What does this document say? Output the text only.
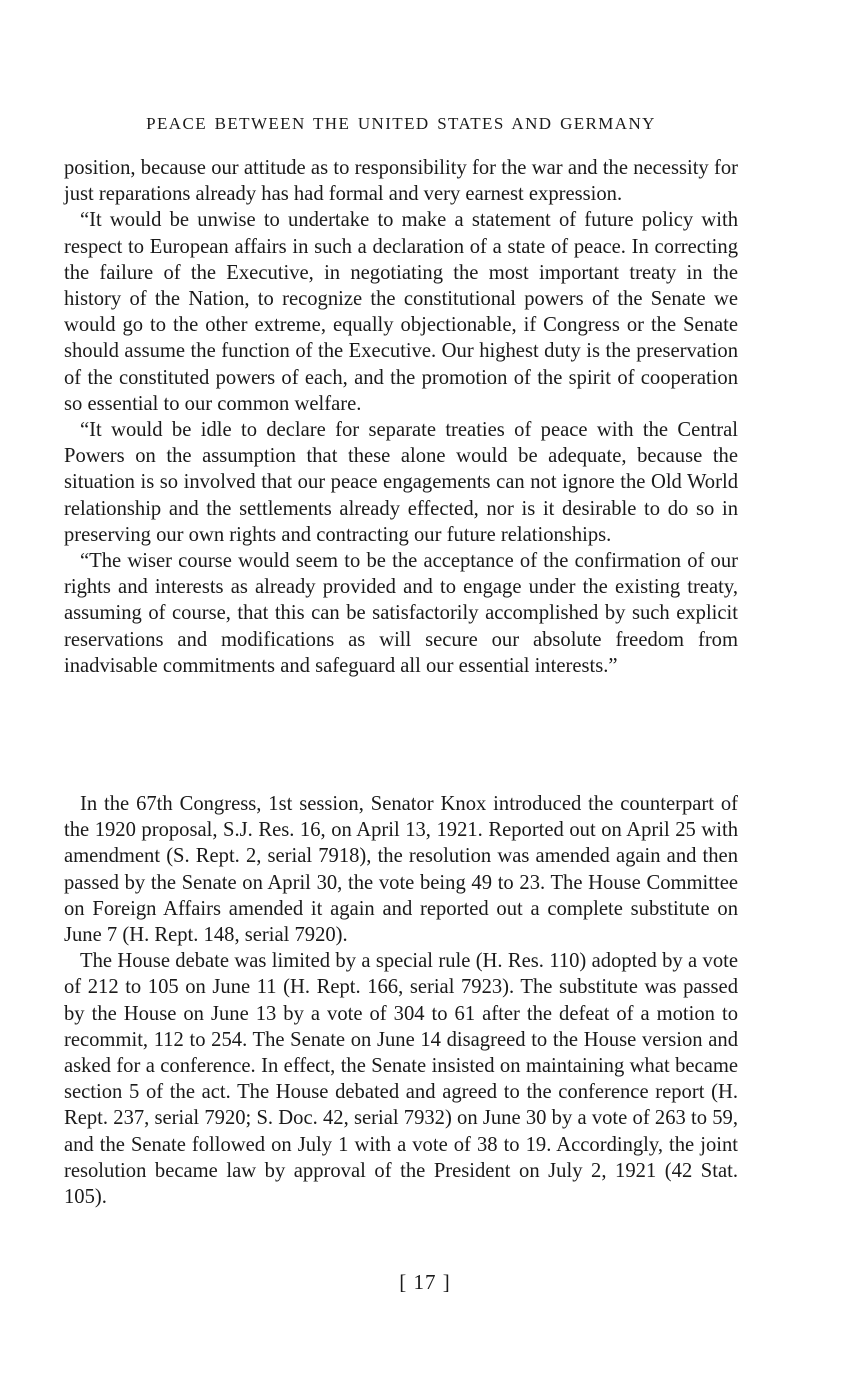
PEACE BETWEEN THE UNITED STATES AND GERMANY

position, because our attitude as to responsibility for the war and the necessity for just reparations already has had formal and very earnest expression.

“It would be unwise to undertake to make a statement of future policy with respect to European affairs in such a declaration of a state of peace. In correcting the failure of the Executive, in negotiating the most important treaty in the history of the Nation, to recognize the constitutional powers of the Senate we would go to the other extreme, equally objectionable, if Congress or the Senate should assume the function of the Executive. Our highest duty is the preservation of the constituted powers of each, and the promotion of the spirit of cooperation so essential to our common welfare.

“It would be idle to declare for separate treaties of peace with the Central Powers on the assumption that these alone would be adequate, because the situation is so involved that our peace engagements can not ignore the Old World relationship and the settlements already effected, nor is it desirable to do so in preserving our own rights and contracting our future relationships.

“The wiser course would seem to be the acceptance of the confirmation of our rights and interests as already provided and to engage under the existing treaty, assuming of course, that this can be satisfactorily accomplished by such explicit reservations and modifications as will secure our absolute freedom from inadvisable commitments and safeguard all our essential interests.”

In the 67th Congress, 1st session, Senator Knox introduced the counterpart of the 1920 proposal, S.J. Res. 16, on April 13, 1921. Reported out on April 25 with amendment (S. Rept. 2, serial 7918), the resolution was amended again and then passed by the Senate on April 30, the vote being 49 to 23. The House Committee on Foreign Affairs amended it again and reported out a complete substitute on June 7 (H. Rept. 148, serial 7920).

The House debate was limited by a special rule (H. Res. 110) adopted by a vote of 212 to 105 on June 11 (H. Rept. 166, serial 7923). The substitute was passed by the House on June 13 by a vote of 304 to 61 after the defeat of a motion to recommit, 112 to 254. The Senate on June 14 disagreed to the House version and asked for a conference. In effect, the Senate insisted on maintaining what became section 5 of the act. The House debated and agreed to the conference report (H. Rept. 237, serial 7920; S. Doc. 42, serial 7932) on June 30 by a vote of 263 to 59, and the Senate followed on July 1 with a vote of 38 to 19. Accordingly, the joint resolution became law by approval of the President on July 2, 1921 (42 Stat. 105).

[ 17 ]
